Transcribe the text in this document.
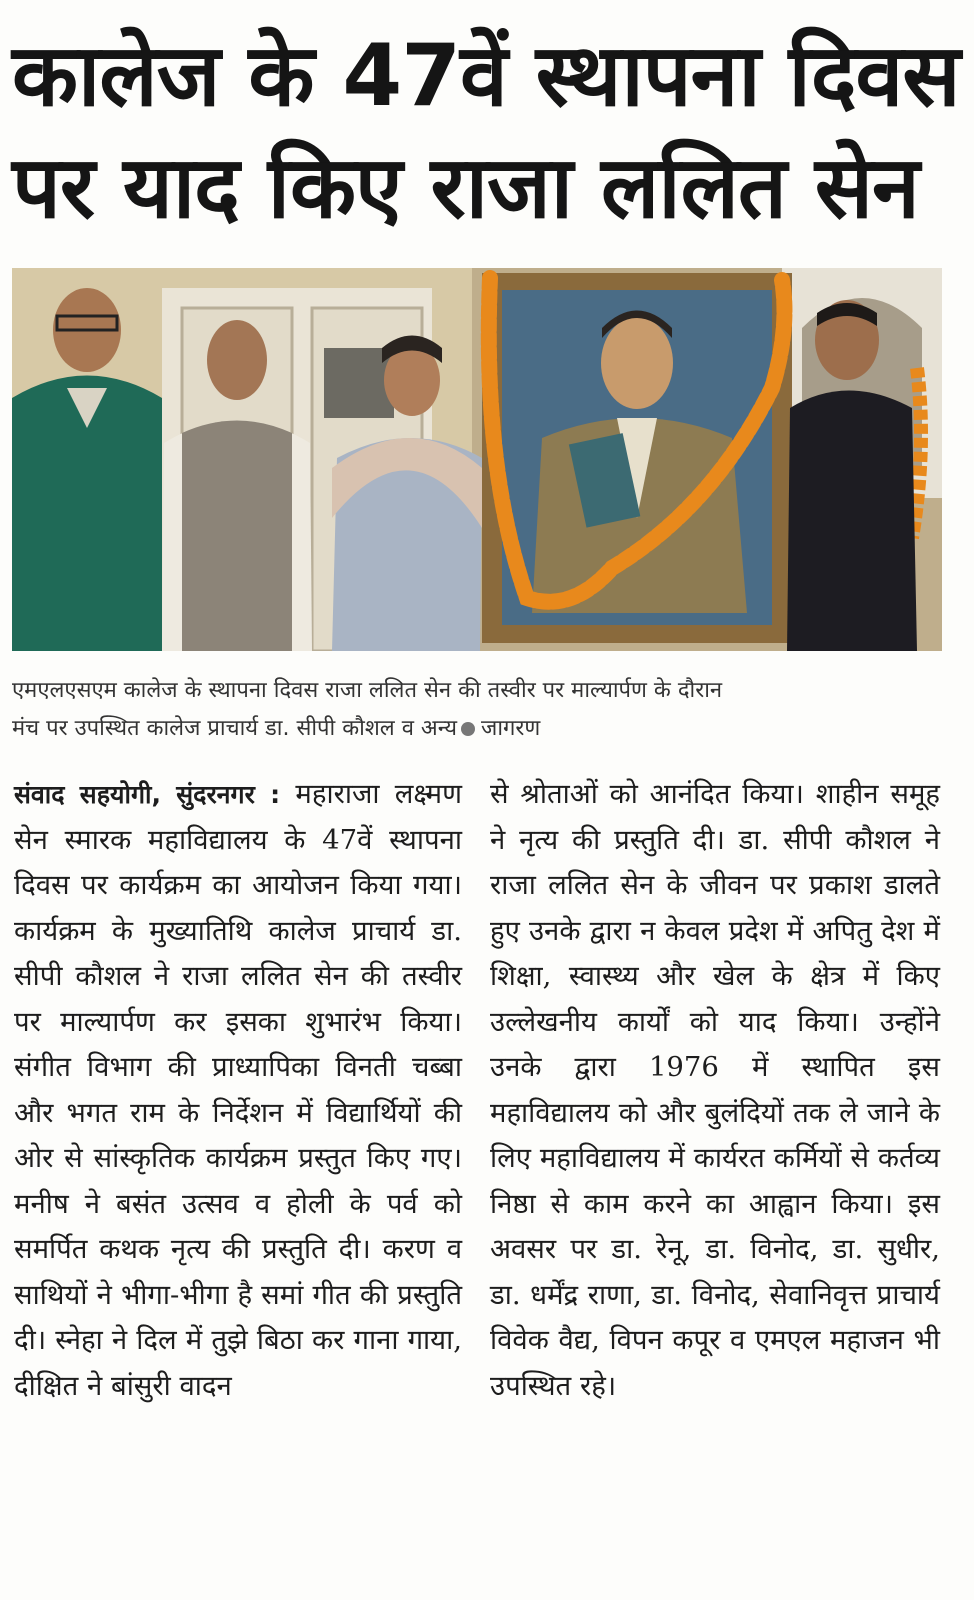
कालेज के 47वें स्थापना दिवस
पर याद किए राजा ललित सेन
एमएलएसएम कालेज के स्थापना दिवस राजा ललित सेन की तस्वीर पर माल्यार्पण के दौरान
मंच पर उपस्थित कालेज प्राचार्य डा. सीपी कौशल व अन्य जागरण

संवाद सहयोगी, सुंदरनगर : महाराजा लक्ष्मण सेन स्मारक महाविद्यालय के 47वें स्थापना दिवस पर कार्यक्रम का आयोजन किया गया। कार्यक्रम के मुख्यातिथि कालेज प्राचार्य डा. सीपी कौशल ने राजा ललित सेन की तस्वीर पर माल्यार्पण कर इसका शुभारंभ किया। संगीत विभाग की प्राध्यापिका विनती चब्बा और भगत राम के निर्देशन में विद्यार्थियों की ओर से सांस्कृतिक कार्यक्रम प्रस्तुत किए गए। मनीष ने बसंत उत्सव व होली के पर्व को समर्पित कथक नृत्य की प्रस्तुति दी। करण व साथियों ने भीगा-भीगा है समां गीत की प्रस्तुति दी। स्नेहा ने दिल में तुझे बिठा कर गाना गाया, दीक्षित ने बांसुरी वादन

से श्रोताओं को आनंदित किया। शाहीन समूह ने नृत्य की प्रस्तुति दी। डा. सीपी कौशल ने राजा ललित सेन के जीवन पर प्रकाश डालते हुए उनके द्वारा न केवल प्रदेश में अपितु देश में शिक्षा, स्वास्थ्य और खेल के क्षेत्र में किए उल्लेखनीय कार्यों को याद किया। उन्होंने उनके द्वारा 1976 में स्थापित इस महाविद्यालय को और बुलंदियों तक ले जाने के लिए महाविद्यालय में कार्यरत कर्मियों से कर्तव्य निष्ठा से काम करने का आह्वान किया। इस अवसर पर डा. रेनू, डा. विनोद, डा. सुधीर, डा. धर्मेंद्र राणा, डा. विनोद, सेवानिवृत्त प्राचार्य विवेक वैद्य, विपन कपूर व एमएल महाजन भी उपस्थित रहे।
